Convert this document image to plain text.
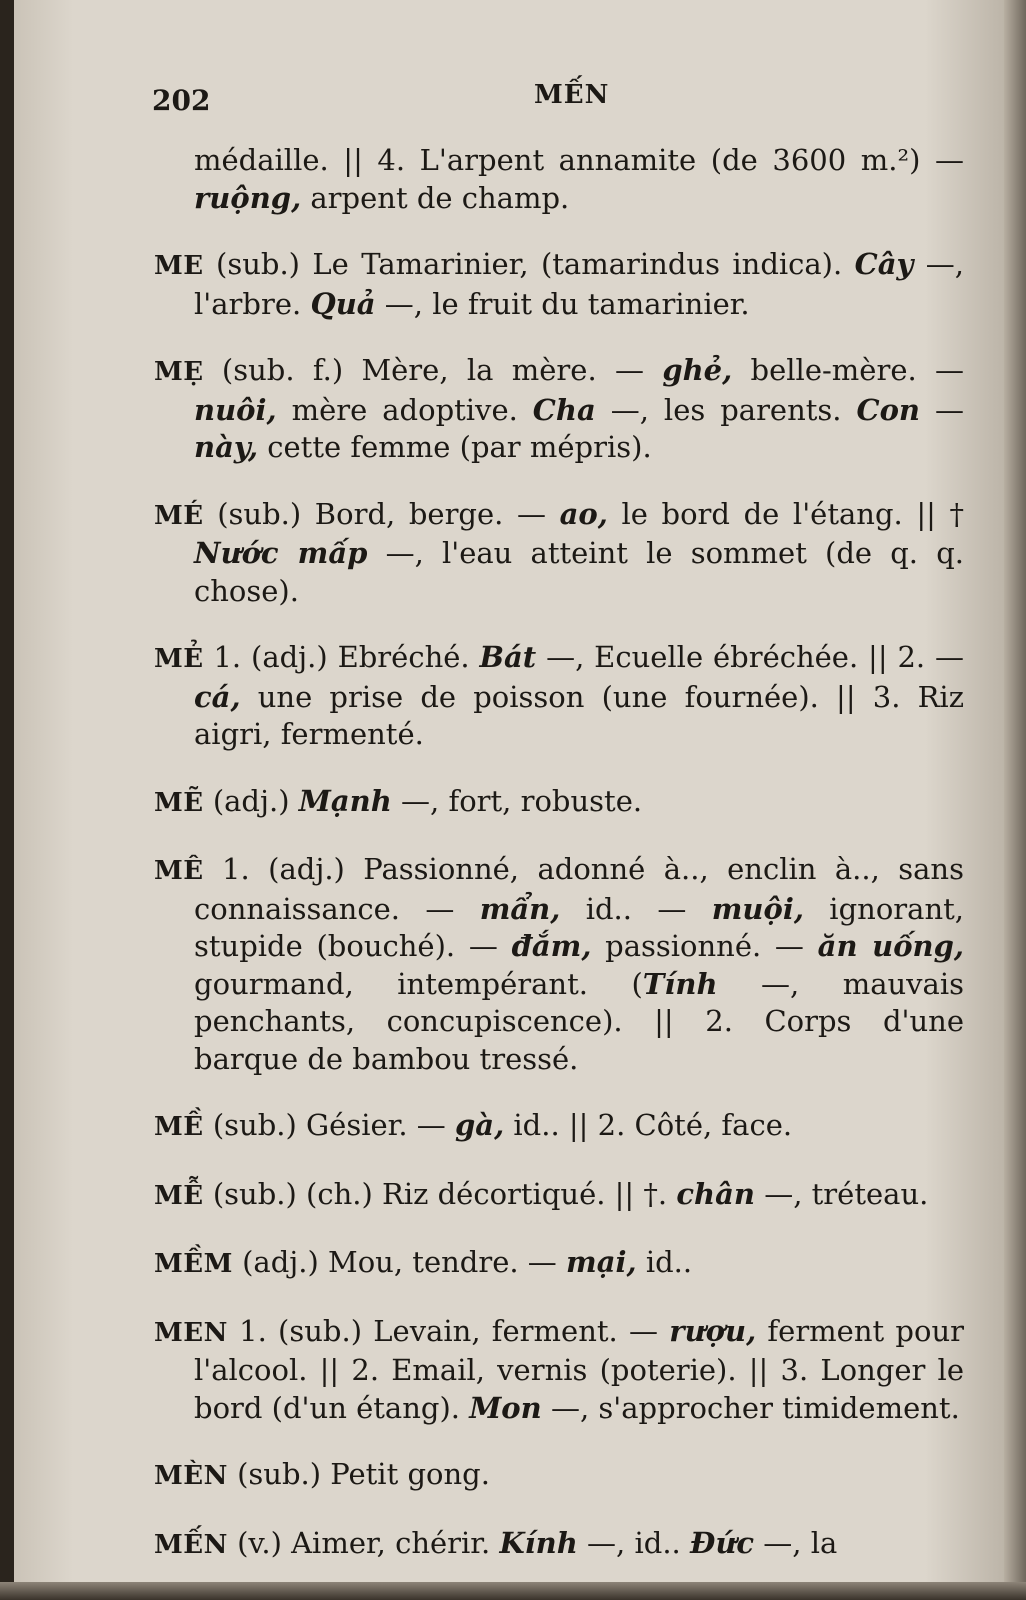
202	MẾN

médaille. || 4. L'arpent annamite (de 3600 m.²) — ruộng, arpent de champ.

ME (sub.) Le Tamarinier, (tamarindus indica). Cây —, l'arbre. Quả —, le fruit du tamarinier.

MẸ (sub. f.) Mère, la mère. — ghẻ, belle-mère. — nuôi, mère adoptive. Cha —, les parents. Con — này, cette femme (par mépris).

MÉ (sub.) Bord, berge. — ao, le bord de l'étang. || † Nước mấp —, l'eau atteint le sommet (de q. q. chose).

MẺ 1. (adj.) Ebréché. Bát —, Ecuelle ébréchée. || 2. — cá, une prise de poisson (une fournée). || 3. Riz aigri, fermenté.

MẼ (adj.) Mạnh —, fort, robuste.

MÊ 1. (adj.) Passionné, adonné à.., enclin à.., sans connaissance. — mẩn, id.. — muội, ignorant, stupide (bouché). — đắm, passionné. — ăn uống, gourmand, intempérant. (Tính —, mauvais penchants, concupiscence). || 2. Corps d'une barque de bambou tressé.

MỀ (sub.) Gésier. — gà, id.. || 2. Côté, face.

MỄ (sub.) (ch.) Riz décortiqué. || †. chân —, tréteau.

MỀM (adj.) Mou, tendre. — mại, id..

MEN 1. (sub.) Levain, ferment. — rượu, ferment pour l'alcool. || 2. Email, vernis (poterie). || 3. Longer le bord (d'un étang). Mon —, s'approcher timidement.

MÈN (sub.) Petit gong.

MẾN (v.) Aimer, chérir. Kính —, id.. Đức —, la
